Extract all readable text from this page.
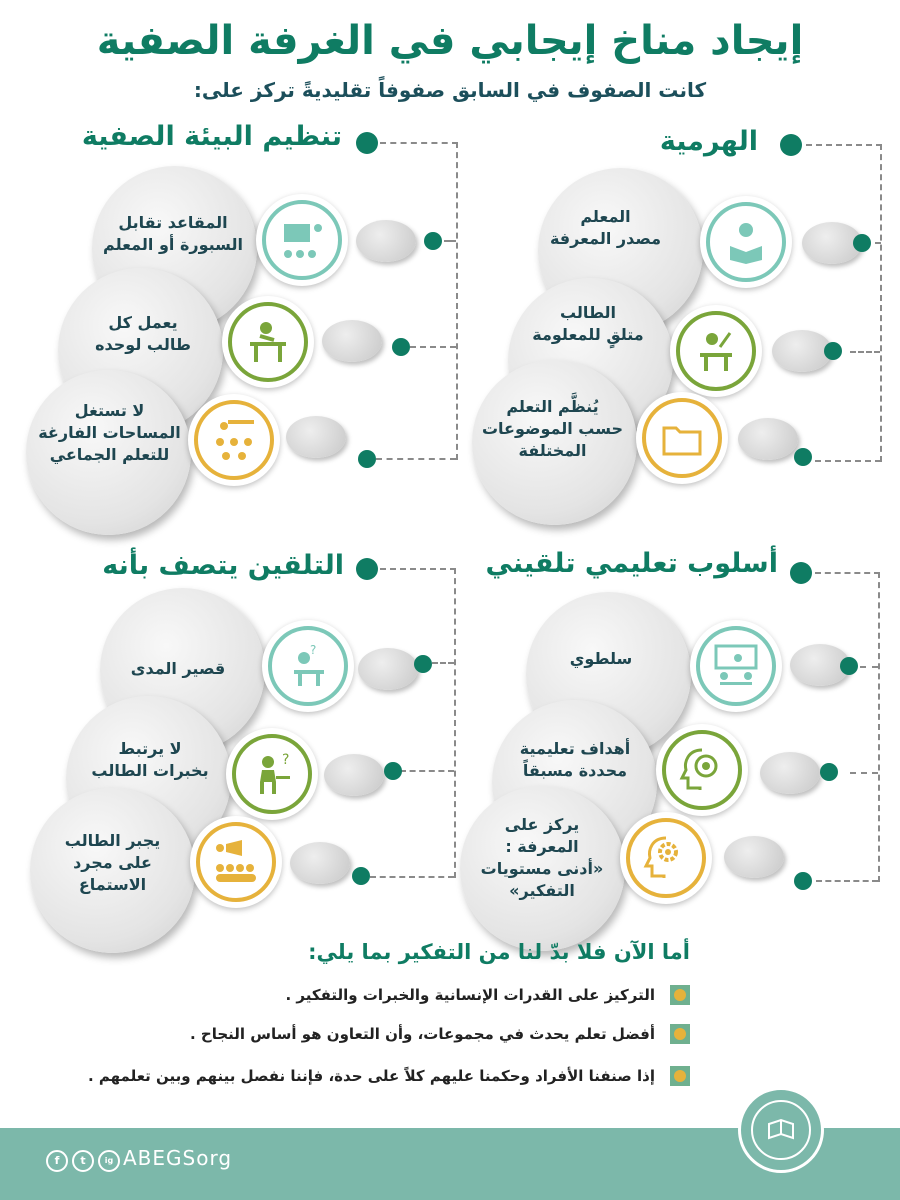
إيجاد مناخ إيجابي في الغرفة الصفية
كانت الصفوف في السابق صفوفاً تقليديةً تركز على:
الهرمية
المعلم
مصدر المعرفة
الطالب
متلقٍ للمعلومة
يُنظَّم التعلم
حسب الموضوعات
المختلفة
تنظيم البيئة الصفية
المقاعد تقابل
السبورة أو المعلم
يعمل كل
طالب لوحده
لا تستغل
المساحات الفارغة
للتعلم الجماعي
أسلوب تعليمي تلقيني
سلطوي
أهداف تعليمية
محددة مسبقاً
يركز على
المعرفة :
«أدنى مستويات التفكير»
التلقين يتصف بأنه
قصير المدى
?
لا يرتبط
بخبرات الطالب
?
يجبر الطالب
على مجرد
الاستماع
أما الآن فلا بدّ لنا من التفكير بما يلي:
التركيز على القدرات الإنسانية والخبرات والتفكير .
أفضل تعلم يحدث في مجموعات، وأن التعاون هو أساس النجاح .
إذا صنفنا الأفراد وحكمنا عليهم كلاً على حدة، فإننا نفصل بينهم وبين تعلمهم .
f	t	ig ABEGSorg
